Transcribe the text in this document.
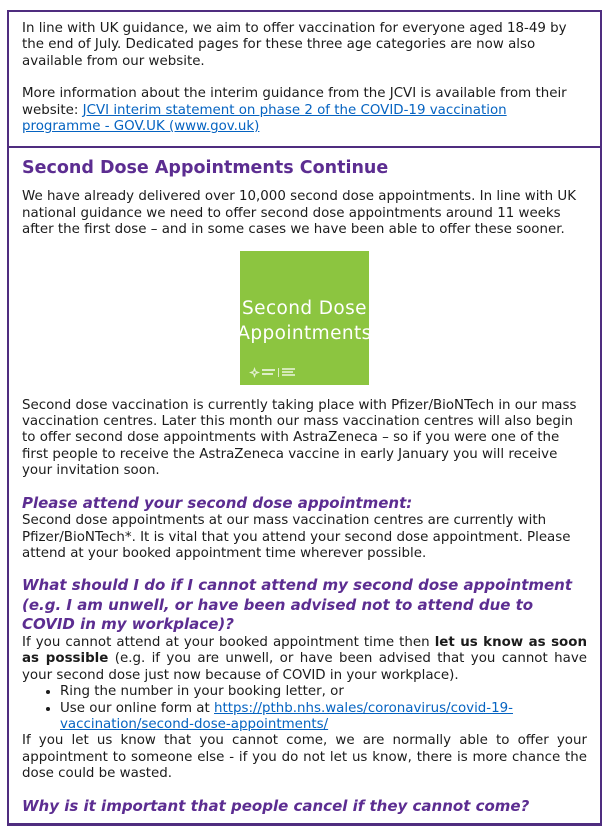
In line with UK guidance, we aim to offer vaccination for everyone aged 18-49 by the end of July. Dedicated pages for these three age categories are now also available from our website.

More information about the interim guidance from the JCVI is available from their website: JCVI interim statement on phase 2 of the COVID-19 vaccination programme - GOV.UK (www.gov.uk)

Second Dose Appointments Continue

We have already delivered over 10,000 second dose appointments. In line with UK national guidance we need to offer second dose appointments around 11 weeks after the first dose – and in some cases we have been able to offer these sooner.

Second Dose
Appointments

Second dose vaccination is currently taking place with Pfizer/BioNTech in our mass vaccination centres. Later this month our mass vaccination centres will also begin to offer second dose appointments with AstraZeneca – so if you were one of the first people to receive the AstraZeneca vaccine in early January you will receive your invitation soon.

Please attend your second dose appointment:

Second dose appointments at our mass vaccination centres are currently with Pfizer/BioNTech*. It is vital that you attend your second dose appointment. Please attend at your booked appointment time wherever possible.

What should I do if I cannot attend my second dose appointment (e.g. I am unwell, or have been advised not to attend due to COVID in my workplace)?

If you cannot attend at your booked appointment time then let us know as soon as possible (e.g. if you are unwell, or have been advised that you cannot have your second dose just now because of COVID in your workplace).

• Ring the number in your booking letter, or
• Use our online form at https://pthb.nhs.wales/coronavirus/covid-19-vaccination/second-dose-appointments/

If you let us know that you cannot come, we are normally able to offer your appointment to someone else - if you do not let us know, there is more chance the dose could be wasted.

Why is it important that people cancel if they cannot come?
